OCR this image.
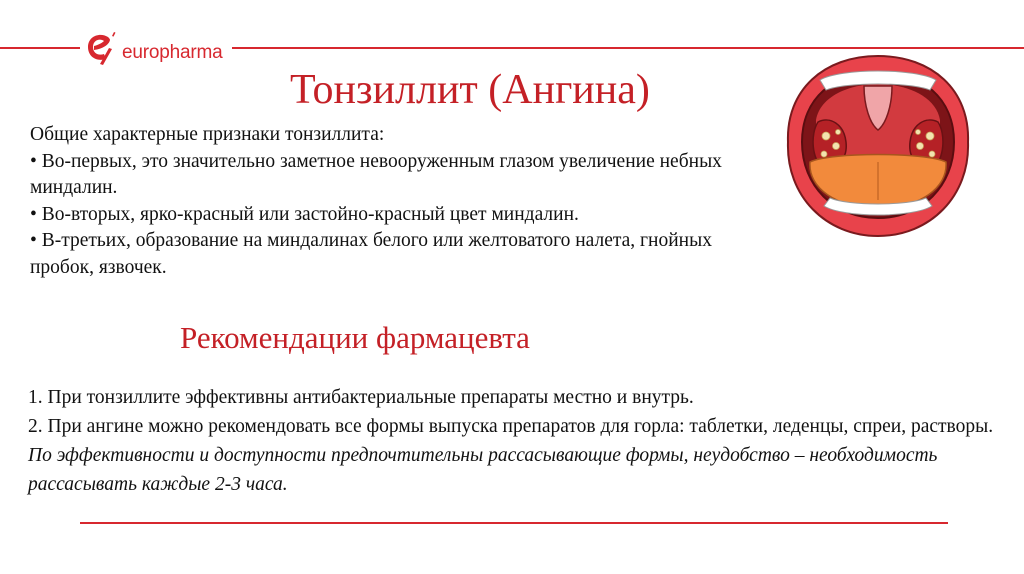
europharma
Тонзиллит (Ангина)

Общие характерные признаки тонзиллита:

• Во-первых, это значительно заметное невооруженным глазом увеличение небных миндалин.

• Во-вторых, ярко-красный или застойно-красный цвет миндалин.

• В-третьих, образование на миндалинах белого или желтоватого налета, гнойных пробок, язвочек.

Рекомендации фармацевта

1. При тонзиллите эффективны антибактериальные препараты местно и внутрь.

2. При ангине можно рекомендовать все формы выпуска препаратов для горла: таблетки, леденцы, спреи, растворы. По эффективности и доступности предпочтительны рассасывающие формы, неудобство – необходимость рассасывать каждые 2-3 часа.
